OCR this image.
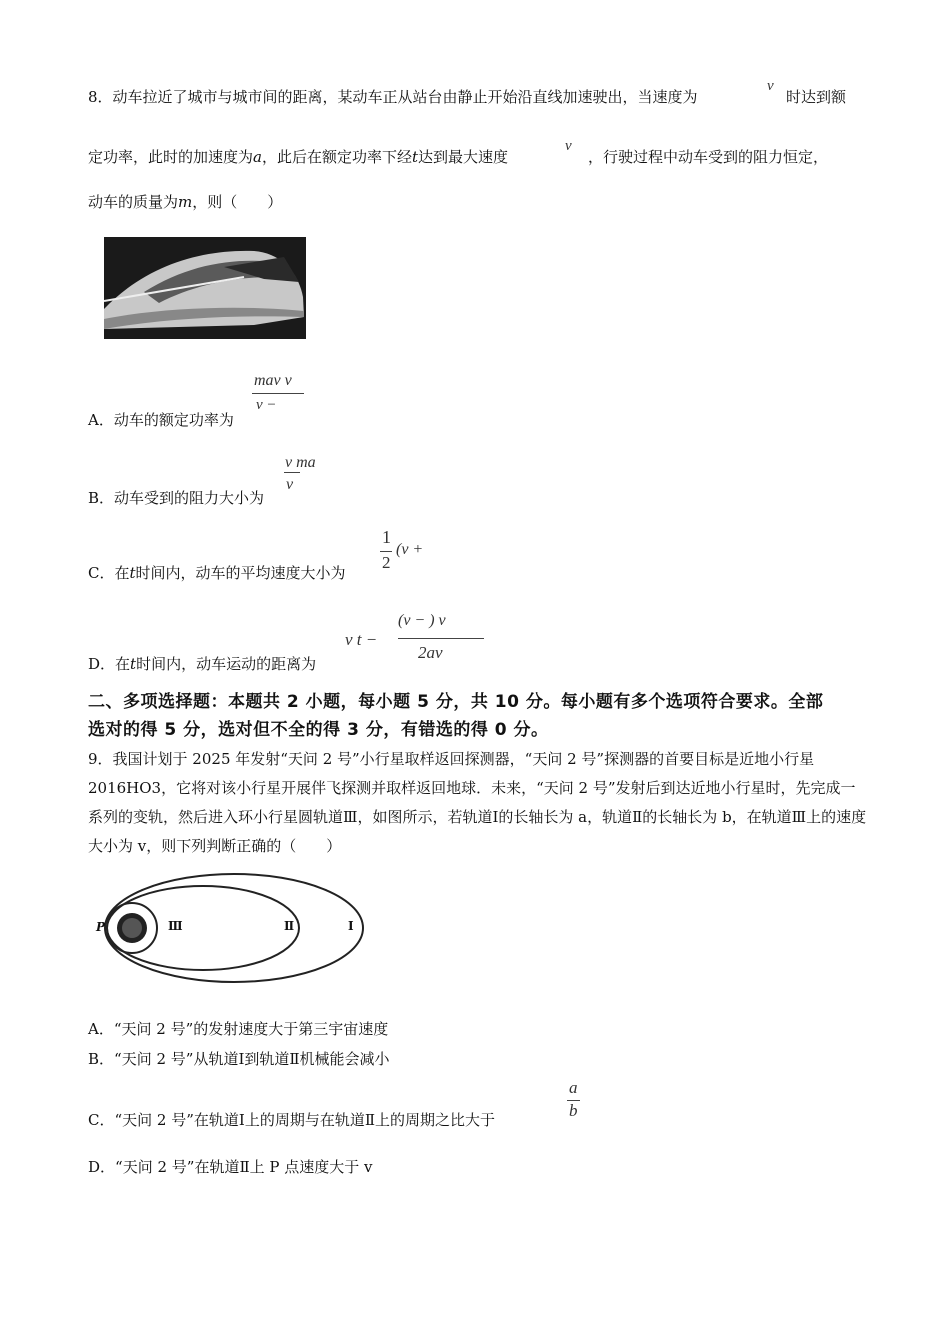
8．动车拉近了城市与城市间的距离，某动车正从站台由静止开始沿直线加速驶出，当速度为
v
时达到额
定功率，此时的加速度为a，此后在额定功率下经t达到最大速度
v
，行驶过程中动车受到的阻力恒定，
动车的质量为m，则（　　）
mav v
v −
A．动车的额定功率为
v ma
v
B．动车受到的阻力大小为
C．在t时间内，动车的平均速度大小为
1
2
(v +
v t −
(v − ) v
2av
D．在t时间内，动车运动的距离为
二、多项选择题：本题共 2 小题，每小题 5 分，共 10 分。每小题有多个选项符合要求。全部
选对的得 5 分，选对但不全的得 3 分，有错选的得 0 分。
9．我国计划于 2025 年发射“天问 2 号”小行星取样返回探测器，“天问 2 号”探测器的首要目标是近地小行星 2016HO3，它将对该小行星开展伴飞探测并取样返回地球．未来，“天问 2 号”发射后到达近地小行星时，先完成一系列的变轨，然后进入环小行星圆轨道Ⅲ，如图所示，若轨道Ⅰ的长轴长为 a，轨道Ⅱ的长轴长为 b，在轨道Ⅲ上的速度大小为 v，则下列判断正确的（　　）
P	Ⅲ	Ⅱ	Ⅰ
A．“天问 2 号”的发射速度大于第三宇宙速度
B．“天问 2 号”从轨道Ⅰ到轨道Ⅱ机械能会减小
a
b
C．“天问 2 号”在轨道Ⅰ上的周期与在轨道Ⅱ上的周期之比大于
D．“天问 2 号”在轨道Ⅱ上 P 点速度大于 v
